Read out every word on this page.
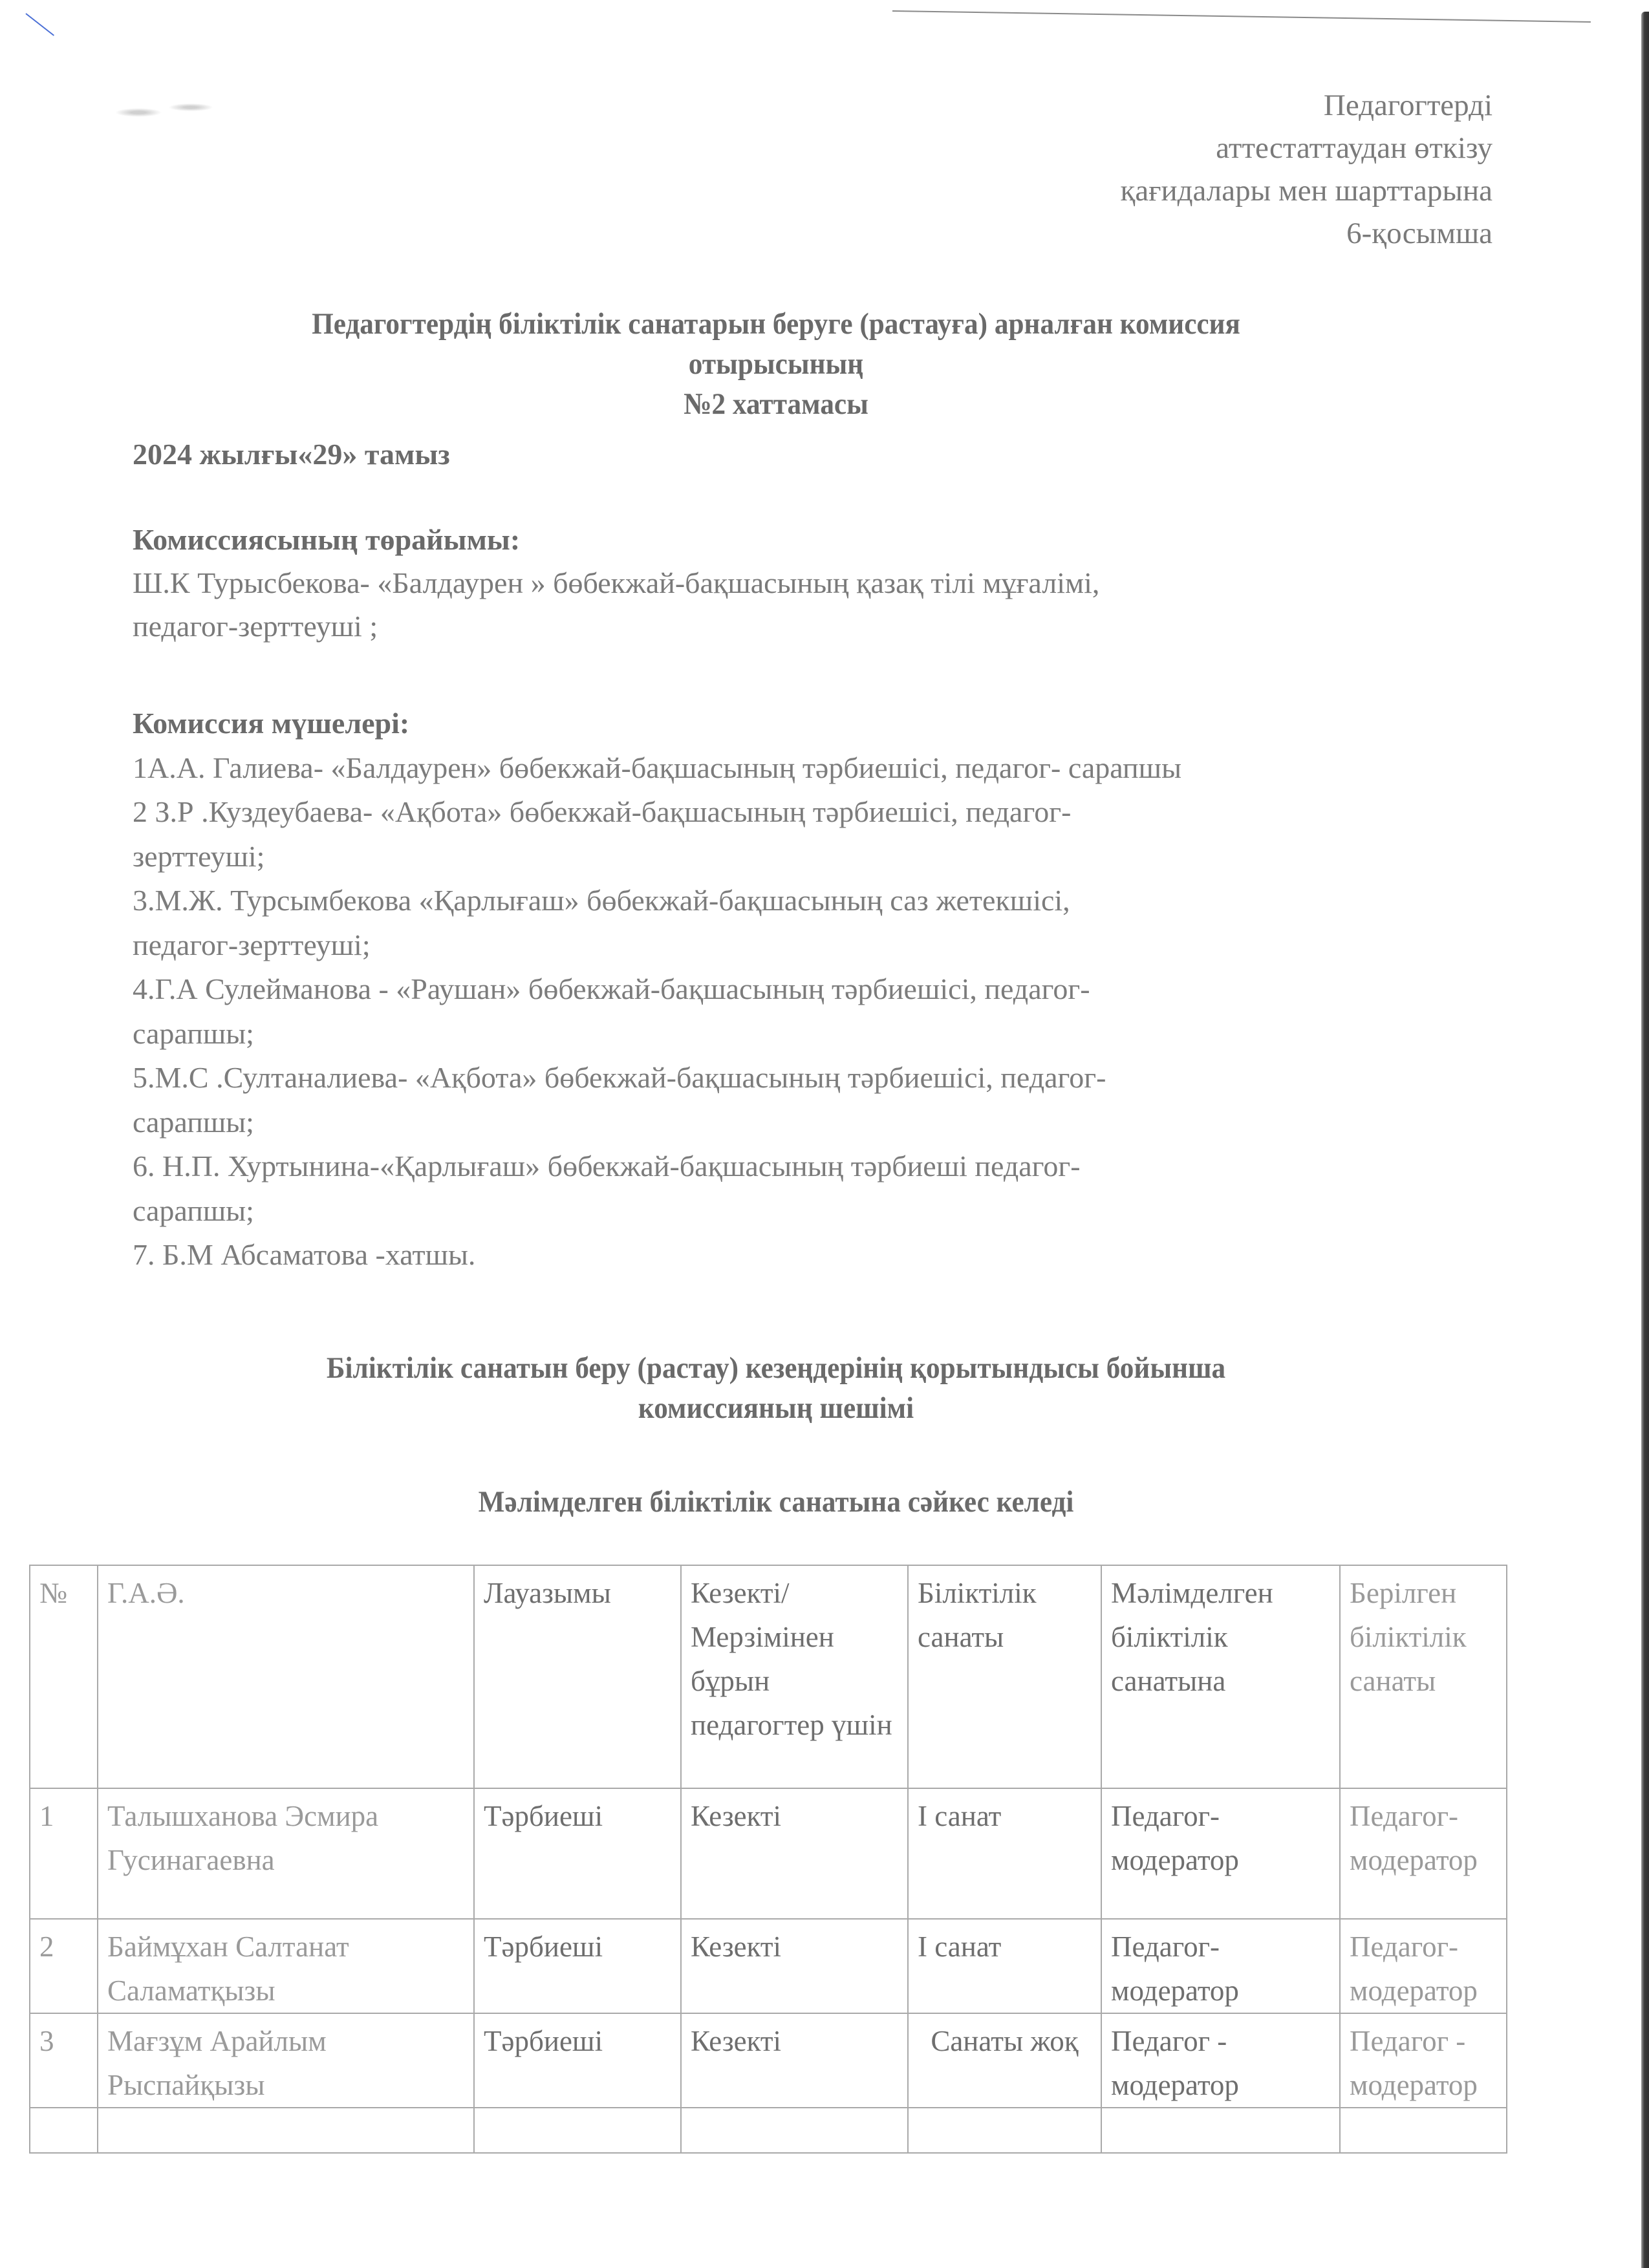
Педагогтерді
аттестаттаудан өткізу
қағидалары мен шарттарына
6-қосымша
Педагогтердің біліктілік санатарын беруге (растауға) арналған комиссия
отырысының
№2 хаттамасы
2024 жылғы«29» тамыз
Комиссиясының төрайымы:
Ш.К Турысбекова- «Балдаурен » бөбекжай-бақшасының қазақ тілі мұғалімі,
педагог-зерттеуші ;
Комиссия мүшелері:
1А.А. Галиева- «Балдаурен» бөбекжай-бақшасының тәрбиешісі, педагог- сарапшы
2 З.Р .Куздеубаева- «Ақбота» бөбекжай-бақшасының тәрбиешісі, педагог-
зерттеуші;
3.М.Ж. Турсымбекова «Қарлығаш» бөбекжай-бақшасының саз жетекшісі,
педагог-зерттеуші;
4.Г.А Сулейманова - «Раушан» бөбекжай-бақшасының тәрбиешісі, педагог-
сарапшы;
5.М.С .Султаналиева- «Ақбота» бөбекжай-бақшасының тәрбиешісі, педагог-
сарапшы;
6. Н.П. Хуртынина-«Қарлығаш» бөбекжай-бақшасының тәрбиеші педагог-
сарапшы;
7. Б.М Абсаматова -хатшы.
Біліктілік санатын беру (растау) кезеңдерінің қорытындысы бойынша
комиссияның шешімі
Мәлімделген біліктілік санатына сәйкес келеді
№	Г.А.Ә.	Лауазымы	Кезекті/ Мерзімінен бұрын педагогтер үшін	Біліктілік санаты	Мәлімделген біліктілік санатына	Берілген біліктілік санаты
1	Талышханова Эсмира Гусинагаевна	Тәрбиеші	Кезекті	I санат	Педагог-модератор	Педагог-модератор
2	Баймұхан Салтанат Саламатқызы	Тәрбиеші	Кезекті	I санат	Педагог-модератор	Педагог-модератор
3	Мағзұм Арайлым Рыспайқызы	Тәрбиеші	Кезекті	Санаты жоқ	Педагог - модератор	Педагог - модератор
